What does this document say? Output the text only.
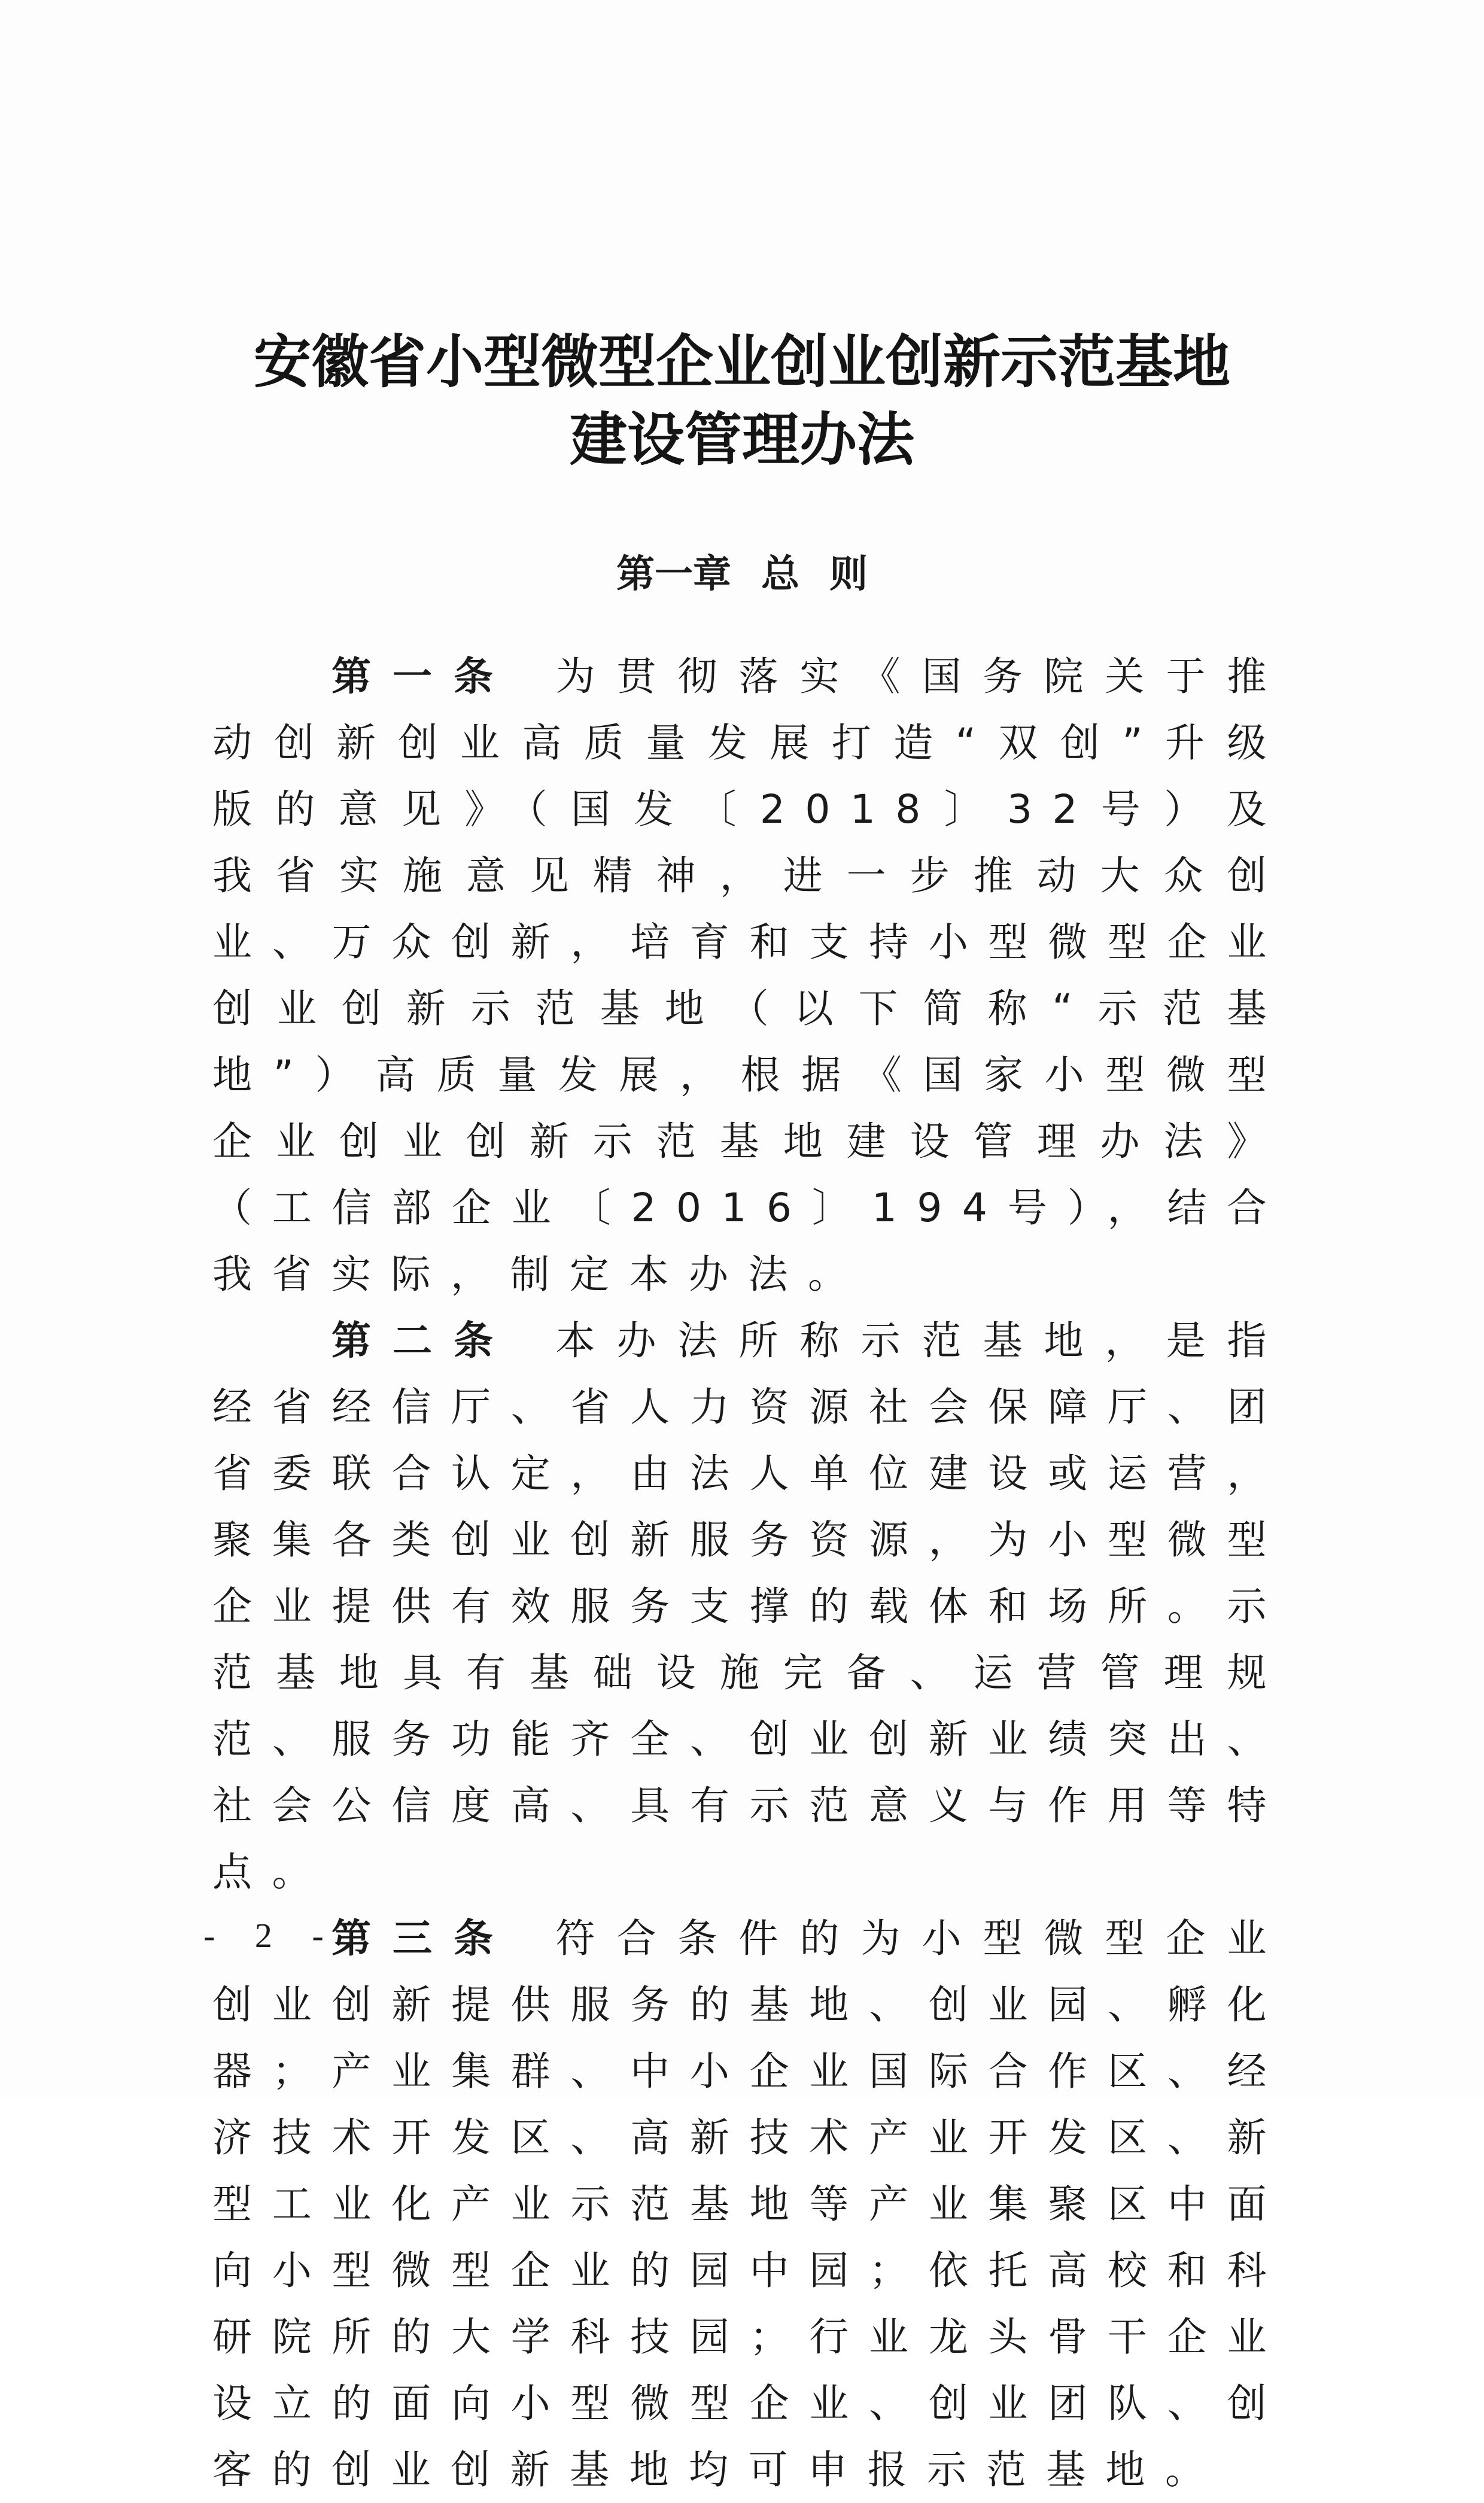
安徽省小型微型企业创业创新示范基地
建设管理办法
第一章 总 则

第一条 为贯彻落实《国务院关于推动创新创业高质量发展打造“双创”升级版的意见》（国发〔2018〕32号）及我省实施意见精神，进一步推动大众创业、万众创新，培育和支持小型微型企业创业创新示范基地（以下简称“示范基地”）高质量发展，根据《国家小型微型企业创业创新示范基地建设管理办法》（工信部企业〔2016〕194号），结合我省实际，制定本办法。

第二条 本办法所称示范基地，是指经省经信厅、省人力资源社会保障厅、团省委联合认定，由法人单位建设或运营，聚集各类创业创新服务资源，为小型微型企业提供有效服务支撑的载体和场所。示范基地具有基础设施完备、运营管理规范、服务功能齐全、创业创新业绩突出、社会公信度高、具有示范意义与作用等特点。

第三条 符合条件的为小型微型企业创业创新提供服务的基地、创业园、孵化器；产业集群、中小企业国际合作区、经济技术开发区、高新技术产业开发区、新型工业化产业示范基地等产业集聚区中面向小型微型企业的园中园；依托高校和科研院所的大学科技园；行业龙头骨干企业设立的面向小型微型企业、创业团队、创客的创业创新基地均可申报示范基地。

- 2 -
